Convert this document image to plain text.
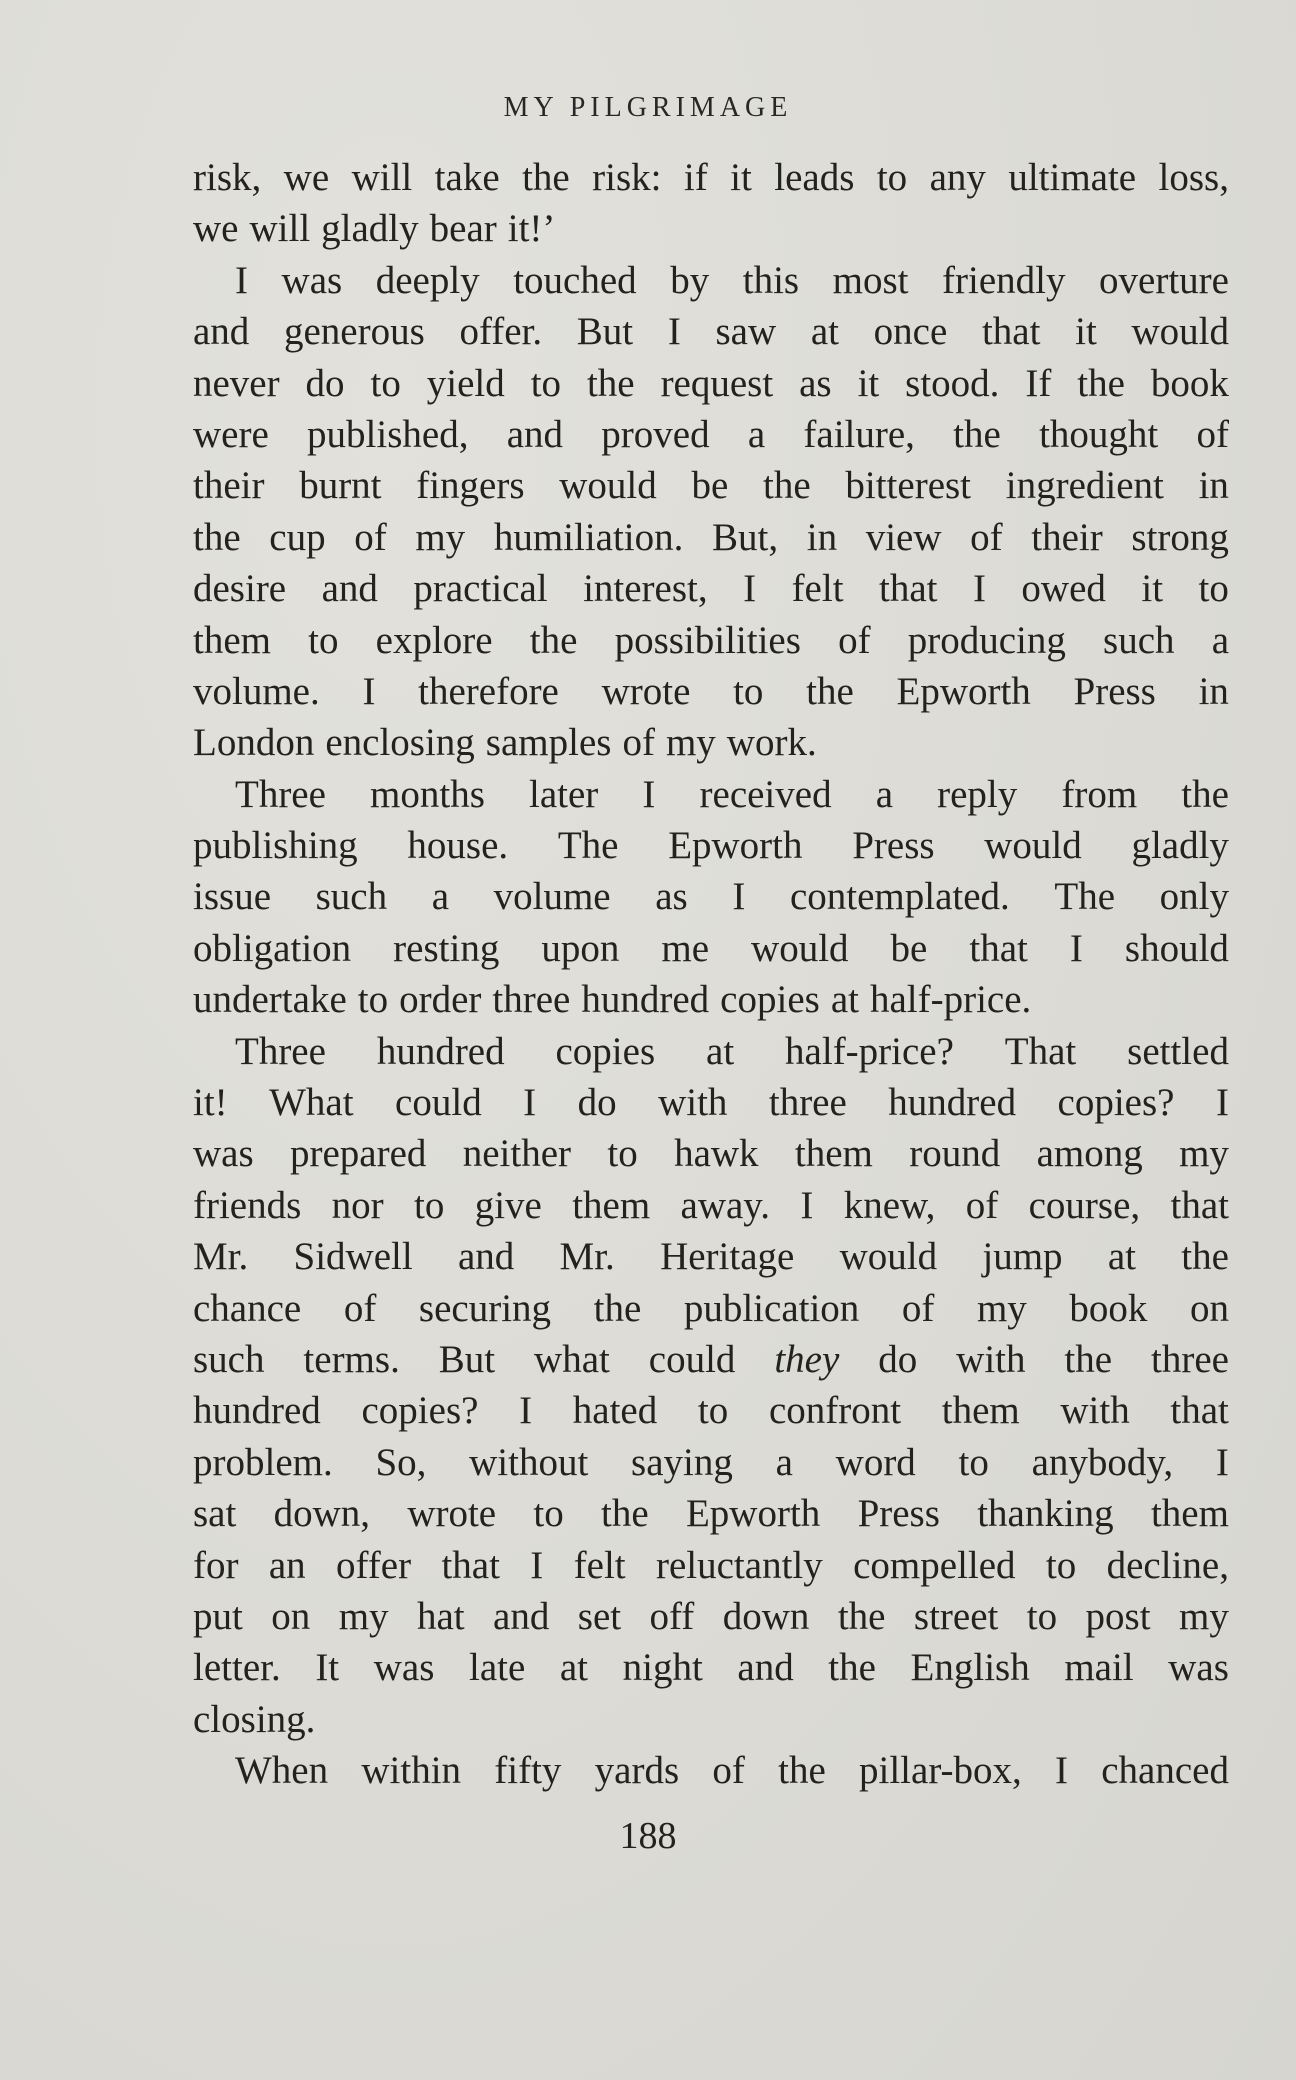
MY PILGRIMAGE
risk, we will take the risk: if it leads to any ultimate loss,
we will gladly bear it!’
I was deeply touched by this most friendly overture
and generous offer. But I saw at once that it would
never do to yield to the request as it stood. If the book
were published, and proved a failure, the thought of
their burnt fingers would be the bitterest ingredient in
the cup of my humiliation. But, in view of their strong
desire and practical interest, I felt that I owed it to
them to explore the possibilities of producing such a
volume. I therefore wrote to the Epworth Press in
London enclosing samples of my work.
Three months later I received a reply from the
publishing house. The Epworth Press would gladly
issue such a volume as I contemplated. The only
obligation resting upon me would be that I should
undertake to order three hundred copies at half-price.
Three hundred copies at half-price? That settled
it! What could I do with three hundred copies? I
was prepared neither to hawk them round among my
friends nor to give them away. I knew, of course, that
Mr. Sidwell and Mr. Heritage would jump at the
chance of securing the publication of my book on
such terms. But what could they do with the three
hundred copies? I hated to confront them with that
problem. So, without saying a word to anybody, I
sat down, wrote to the Epworth Press thanking them
for an offer that I felt reluctantly compelled to decline,
put on my hat and set off down the street to post my
letter. It was late at night and the English mail was
closing.
When within fifty yards of the pillar-box, I chanced
188
